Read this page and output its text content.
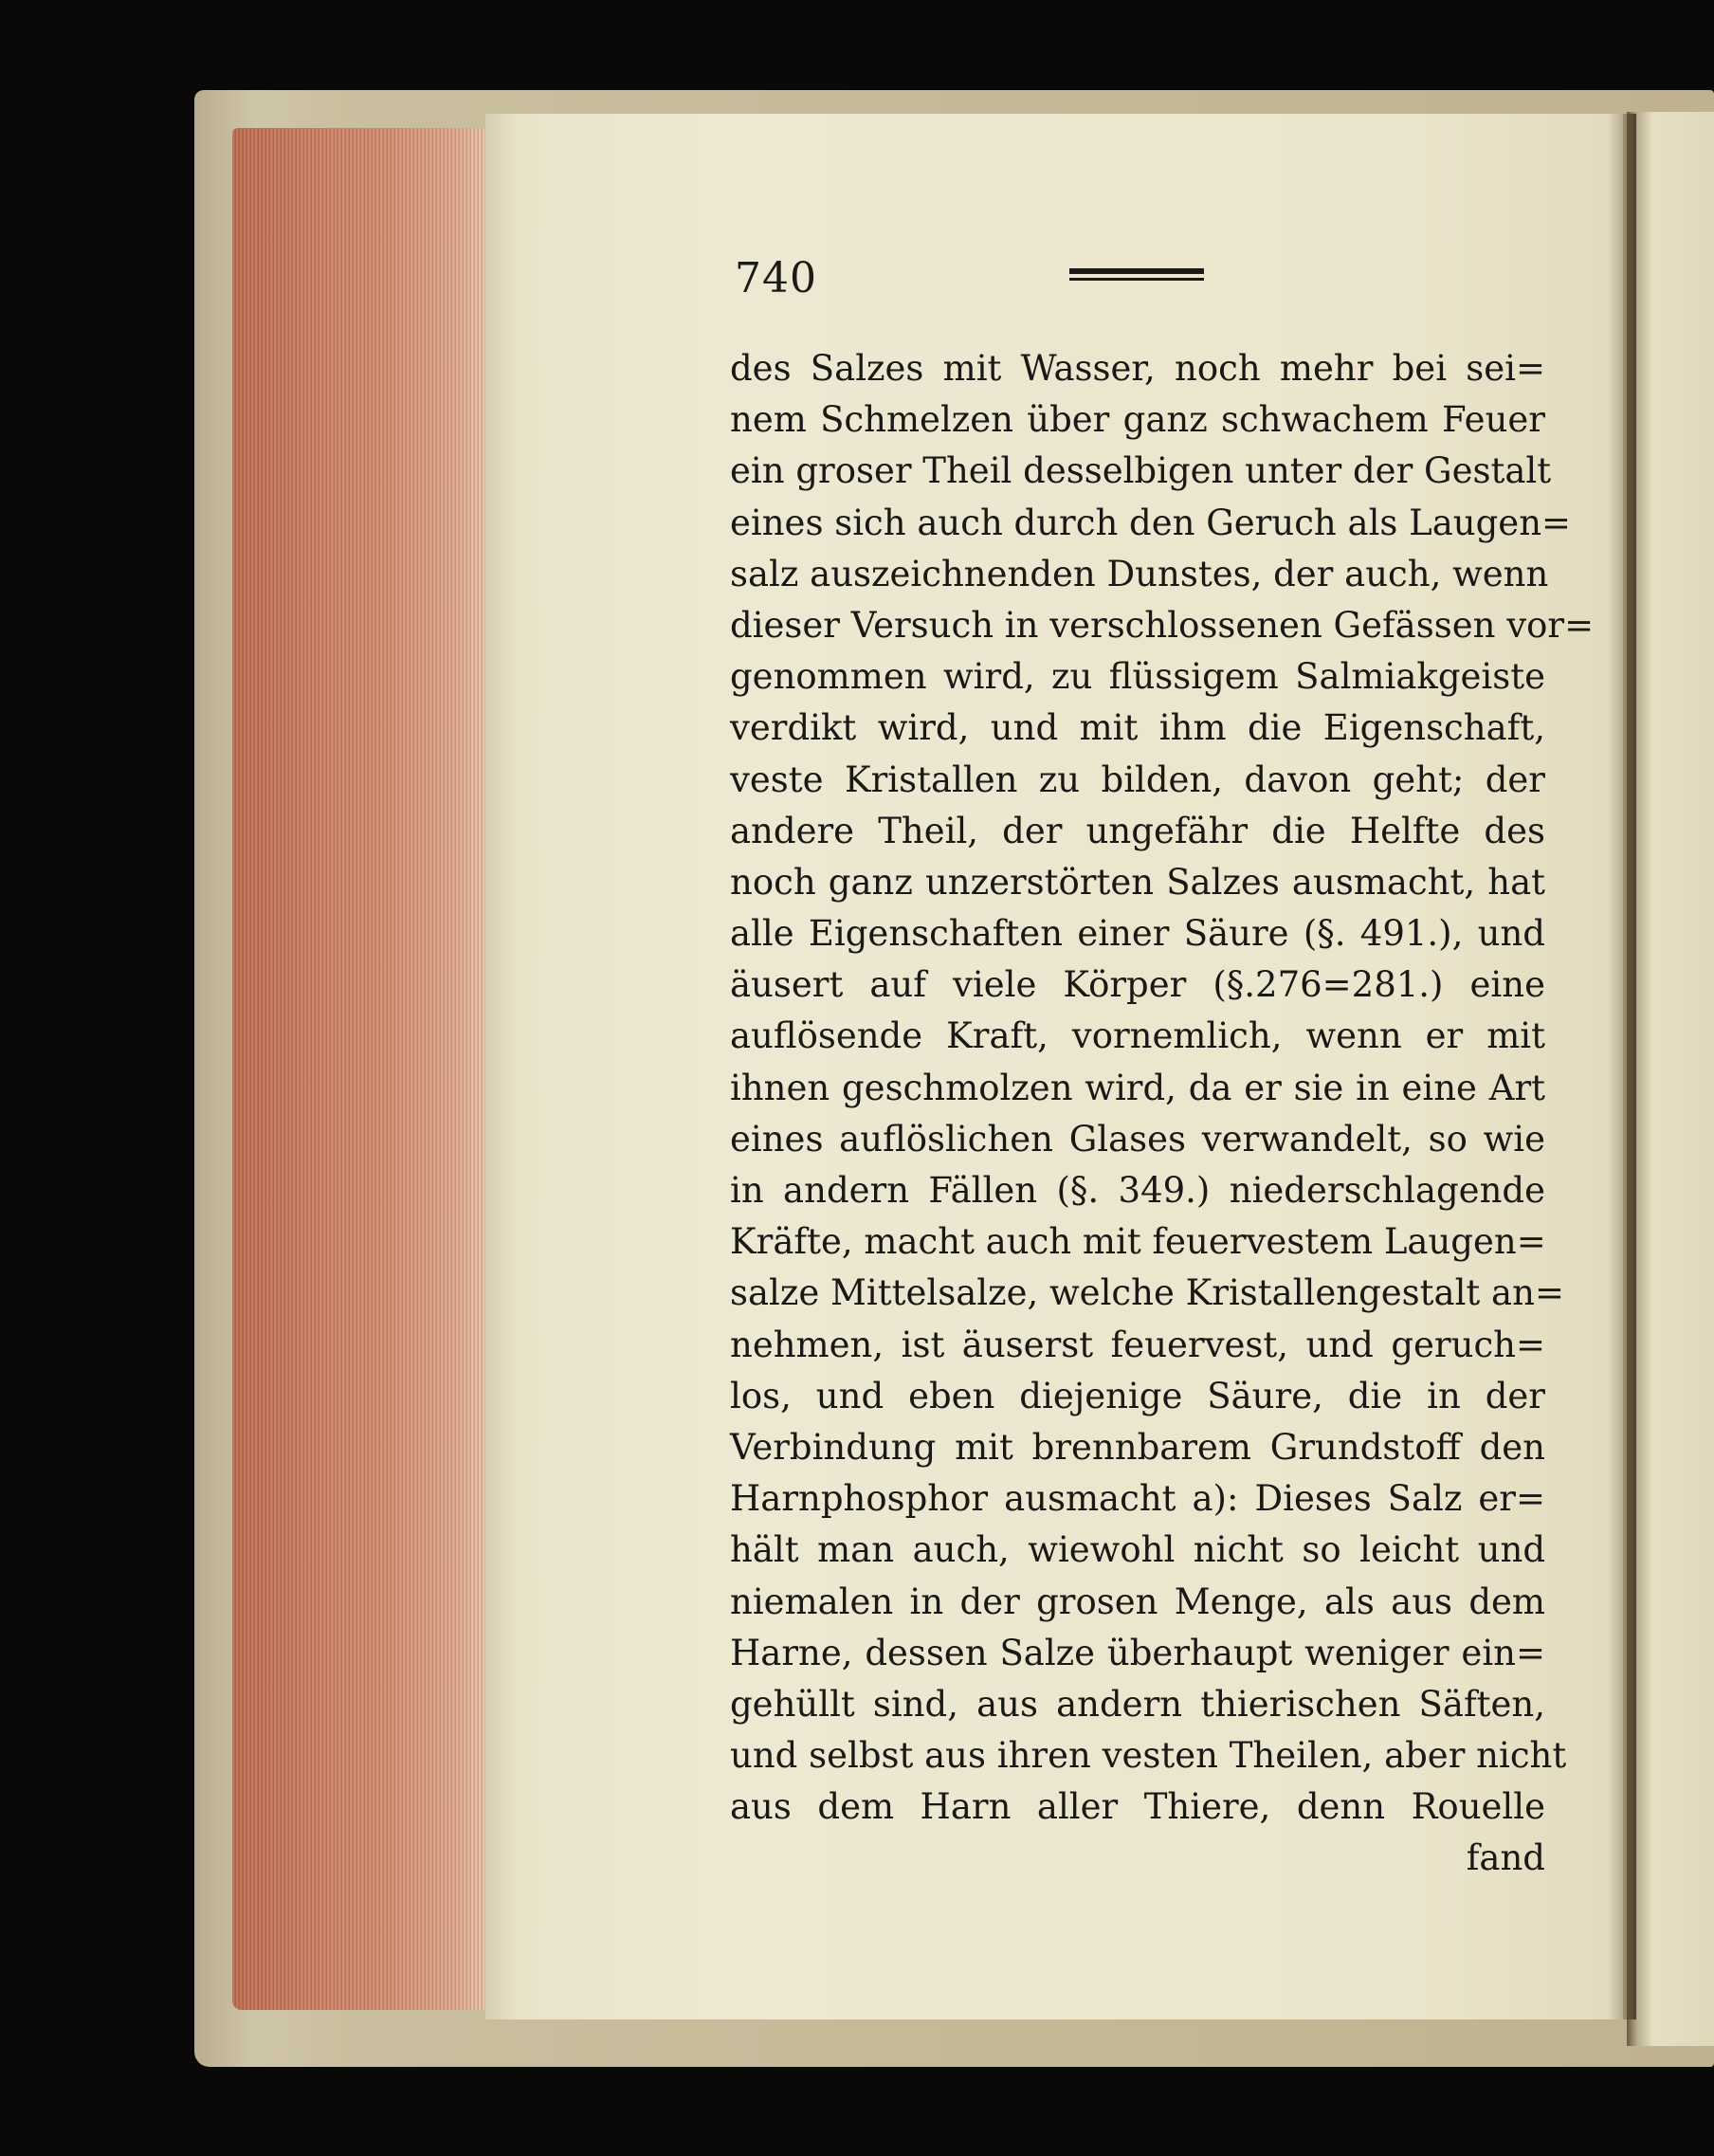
740
des Salzes mit Wasser, noch mehr bei sei=
nem Schmelzen über ganz schwachem Feuer
ein groser Theil desselbigen unter der Gestalt
eines sich auch durch den Geruch als Laugen=
salz auszeichnenden Dunstes, der auch, wenn
dieser Versuch in verschlossenen Gefässen vor=
genommen wird, zu flüssigem Salmiakgeiste
verdikt wird, und mit ihm die Eigenschaft,
veste Kristallen zu bilden, davon geht; der
andere Theil, der ungefähr die Helfte des
noch ganz unzerstörten Salzes ausmacht, hat
alle Eigenschaften einer Säure (§. 491.), und
äusert auf viele Körper (§.276=281.) eine
auflösende Kraft, vornemlich, wenn er mit
ihnen geschmolzen wird, da er sie in eine Art
eines auflöslichen Glases verwandelt, so wie
in andern Fällen (§. 349.) niederschlagende
Kräfte, macht auch mit feuervestem Laugen=
salze Mittelsalze, welche Kristallengestalt an=
nehmen, ist äuserst feuervest, und geruch=
los, und eben diejenige Säure, die in der
Verbindung mit brennbarem Grundstoff den
Harnphosphor ausmacht a): Dieses Salz er=
hält man auch, wiewohl nicht so leicht und
niemalen in der grosen Menge, als aus dem
Harne, dessen Salze überhaupt weniger ein=
gehüllt sind, aus andern thierischen Säften,
und selbst aus ihren vesten Theilen, aber nicht
aus dem Harn aller Thiere, denn Rouelle
fand
